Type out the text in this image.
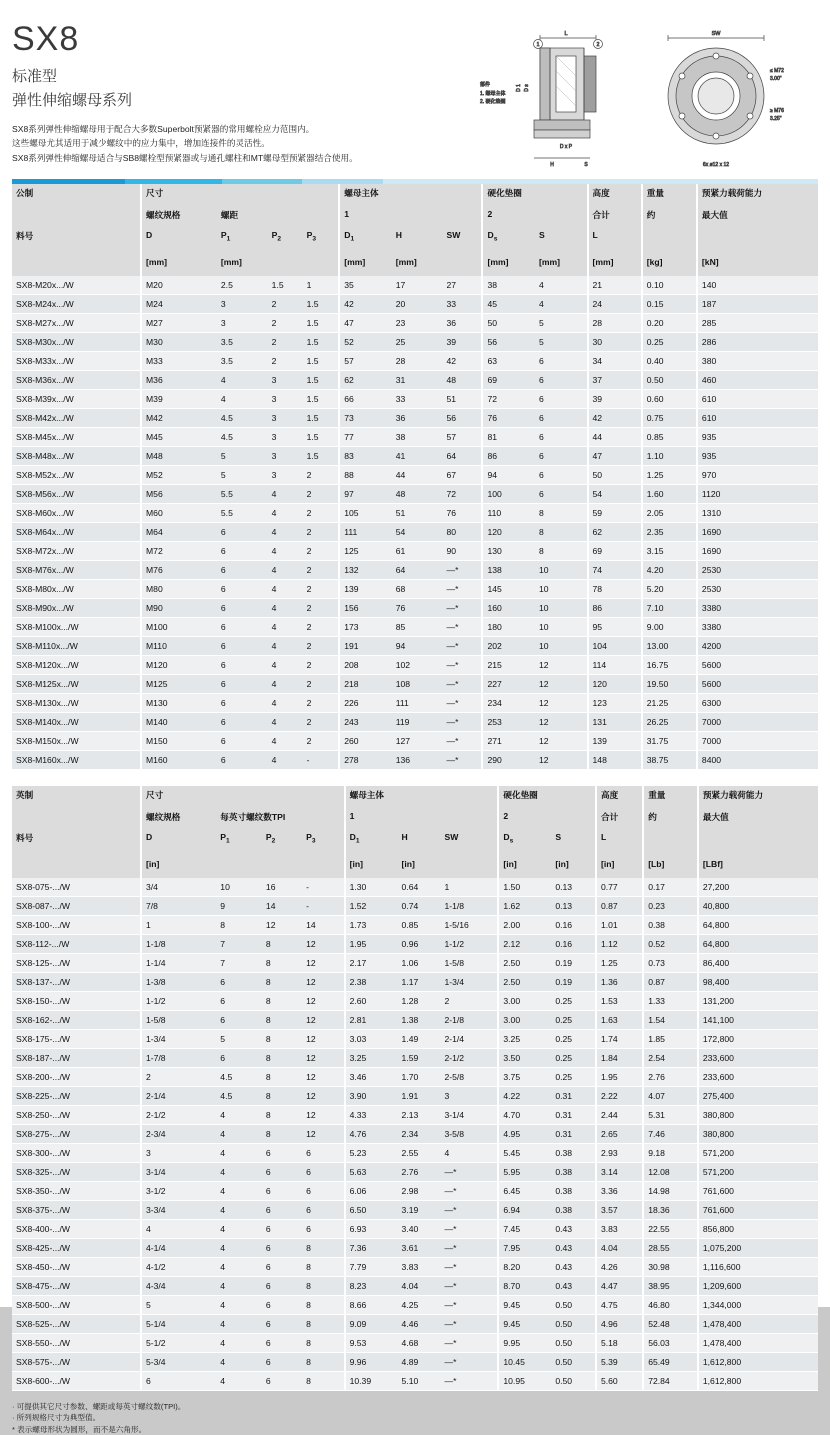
SX8
标准型
弹性伸缩螺母系列
SX8系列弹性伸缩螺母用于配合大多数Superbolt预紧器的常用螺栓应力范围内。
这些螺母尤其适用于减少螺纹中的应力集中，增加连接件的灵活性。
SX8系列弹性伸缩螺母适合与SB8螺栓型预紧器或与通孔螺柱和MT螺母型预紧器结合使用。
L
1	2
D s
D 1
D x P
H	S
部件
1. 螺母主体
2. 硬化垫圈
SW
≤ M72
3.00"
≥ M76
3.25"
6x ø12 x 12
公制	尺寸				螺母主体			硬化垫圈		高度	重量	预紧力载荷能力
	螺纹规格	螺距			1			2		合计	约	最大值
料号	D	$P_1$	$P_2$	$P_3$	$D_1$	H	SW	$D_s$	S	L		
	[mm]	[mm]			[mm]	[mm]		[mm]	[mm]	[mm]	[kg]	[kN]
SX8-M20x.../W	M20	2.5	1.5	1	35	17	27	38	4	21	0.10	140
SX8-M24x.../W	M24	3	2	1.5	42	20	33	45	4	24	0.15	187
SX8-M27x.../W	M27	3	2	1.5	47	23	36	50	5	28	0.20	285
SX8-M30x.../W	M30	3.5	2	1.5	52	25	39	56	5	30	0.25	286
SX8-M33x.../W	M33	3.5	2	1.5	57	28	42	63	6	34	0.40	380
SX8-M36x.../W	M36	4	3	1.5	62	31	48	69	6	37	0.50	460
SX8-M39x.../W	M39	4	3	1.5	66	33	51	72	6	39	0.60	610
SX8-M42x.../W	M42	4.5	3	1.5	73	36	56	76	6	42	0.75	610
SX8-M45x.../W	M45	4.5	3	1.5	77	38	57	81	6	44	0.85	935
SX8-M48x.../W	M48	5	3	1.5	83	41	64	86	6	47	1.10	935
SX8-M52x.../W	M52	5	3	2	88	44	67	94	6	50	1.25	970
SX8-M56x.../W	M56	5.5	4	2	97	48	72	100	6	54	1.60	1120
SX8-M60x.../W	M60	5.5	4	2	105	51	76	110	8	59	2.05	1310
SX8-M64x.../W	M64	6	4	2	111	54	80	120	8	62	2.35	1690
SX8-M72x.../W	M72	6	4	2	125	61	90	130	8	69	3.15	1690
SX8-M76x.../W	M76	6	4	2	132	64	—*	138	10	74	4.20	2530
SX8-M80x.../W	M80	6	4	2	139	68	—*	145	10	78	5.20	2530
SX8-M90x.../W	M90	6	4	2	156	76	—*	160	10	86	7.10	3380
SX8-M100x.../W	M100	6	4	2	173	85	—*	180	10	95	9.00	3380
SX8-M110x.../W	M110	6	4	2	191	94	—*	202	10	104	13.00	4200
SX8-M120x.../W	M120	6	4	2	208	102	—*	215	12	114	16.75	5600
SX8-M125x.../W	M125	6	4	2	218	108	—*	227	12	120	19.50	5600
SX8-M130x.../W	M130	6	4	2	226	111	—*	234	12	123	21.25	6300
SX8-M140x.../W	M140	6	4	2	243	119	—*	253	12	131	26.25	7000
SX8-M150x.../W	M150	6	4	2	260	127	—*	271	12	139	31.75	7000
SX8-M160x.../W	M160	6	4	-	278	136	—*	290	12	148	38.75	8400
英制	尺寸				螺母主体			硬化垫圈		高度	重量	预紧力载荷能力
	螺纹规格	每英寸螺纹数TPI			1			2		合计	约	最大值
料号	D	$P_1$	$P_2$	$P_3$	$D_1$	H	SW	$D_s$	S	L		
	[in]				[in]	[in]		[in]	[in]	[in]	[Lb]	[LBf]
SX8-075-.../W	3/4	10	16	-	1.30	0.64	1	1.50	0.13	0.77	0.17	27,200
SX8-087-.../W	7/8	9	14	-	1.52	0.74	1-1/8	1.62	0.13	0.87	0.23	40,800
SX8-100-.../W	1	8	12	14	1.73	0.85	1-5/16	2.00	0.16	1.01	0.38	64,800
SX8-112-.../W	1-1/8	7	8	12	1.95	0.96	1-1/2	2.12	0.16	1.12	0.52	64,800
SX8-125-.../W	1-1/4	7	8	12	2.17	1.06	1-5/8	2.50	0.19	1.25	0.73	86,400
SX8-137-.../W	1-3/8	6	8	12	2.38	1.17	1-3/4	2.50	0.19	1.36	0.87	98,400
SX8-150-.../W	1-1/2	6	8	12	2.60	1.28	2	3.00	0.25	1.53	1.33	131,200
SX8-162-.../W	1-5/8	6	8	12	2.81	1.38	2-1/8	3.00	0.25	1.63	1.54	141,100
SX8-175-.../W	1-3/4	5	8	12	3.03	1.49	2-1/4	3.25	0.25	1.74	1.85	172,800
SX8-187-.../W	1-7/8	6	8	12	3.25	1.59	2-1/2	3.50	0.25	1.84	2.54	233,600
SX8-200-.../W	2	4.5	8	12	3.46	1.70	2-5/8	3.75	0.25	1.95	2.76	233,600
SX8-225-.../W	2-1/4	4.5	8	12	3.90	1.91	3	4.22	0.31	2.22	4.07	275,400
SX8-250-.../W	2-1/2	4	8	12	4.33	2.13	3-1/4	4.70	0.31	2.44	5.31	380,800
SX8-275-.../W	2-3/4	4	8	12	4.76	2.34	3-5/8	4.95	0.31	2.65	7.46	380,800
SX8-300-.../W	3	4	6	6	5.23	2.55	4	5.45	0.38	2.93	9.18	571,200
SX8-325-.../W	3-1/4	4	6	6	5.63	2.76	—*	5.95	0.38	3.14	12.08	571,200
SX8-350-.../W	3-1/2	4	6	6	6.06	2.98	—*	6.45	0.38	3.36	14.98	761,600
SX8-375-.../W	3-3/4	4	6	6	6.50	3.19	—*	6.94	0.38	3.57	18.36	761,600
SX8-400-.../W	4	4	6	6	6.93	3.40	—*	7.45	0.43	3.83	22.55	856,800
SX8-425-.../W	4-1/4	4	6	8	7.36	3.61	—*	7.95	0.43	4.04	28.55	1,075,200
SX8-450-.../W	4-1/2	4	6	8	7.79	3.83	—*	8.20	0.43	4.26	30.98	1,116,600
SX8-475-.../W	4-3/4	4	6	8	8.23	4.04	—*	8.70	0.43	4.47	38.95	1,209,600
SX8-500-.../W	5	4	6	8	8.66	4.25	—*	9.45	0.50	4.75	46.80	1,344,000
SX8-525-.../W	5-1/4	4	6	8	9.09	4.46	—*	9.45	0.50	4.96	52.48	1,478,400
SX8-550-.../W	5-1/2	4	6	8	9.53	4.68	—*	9.95	0.50	5.18	56.03	1,478,400
SX8-575-.../W	5-3/4	4	6	8	9.96	4.89	—*	10.45	0.50	5.39	65.49	1,612,800
SX8-600-.../W	6	4	6	8	10.39	5.10	—*	10.95	0.50	5.60	72.84	1,612,800
· 可提供其它尺寸参数、螺距或每英寸螺纹数(TPI)。
· 所列规格尺寸为典型值。
* 表示螺母形状为圆形，而不是六角形。
